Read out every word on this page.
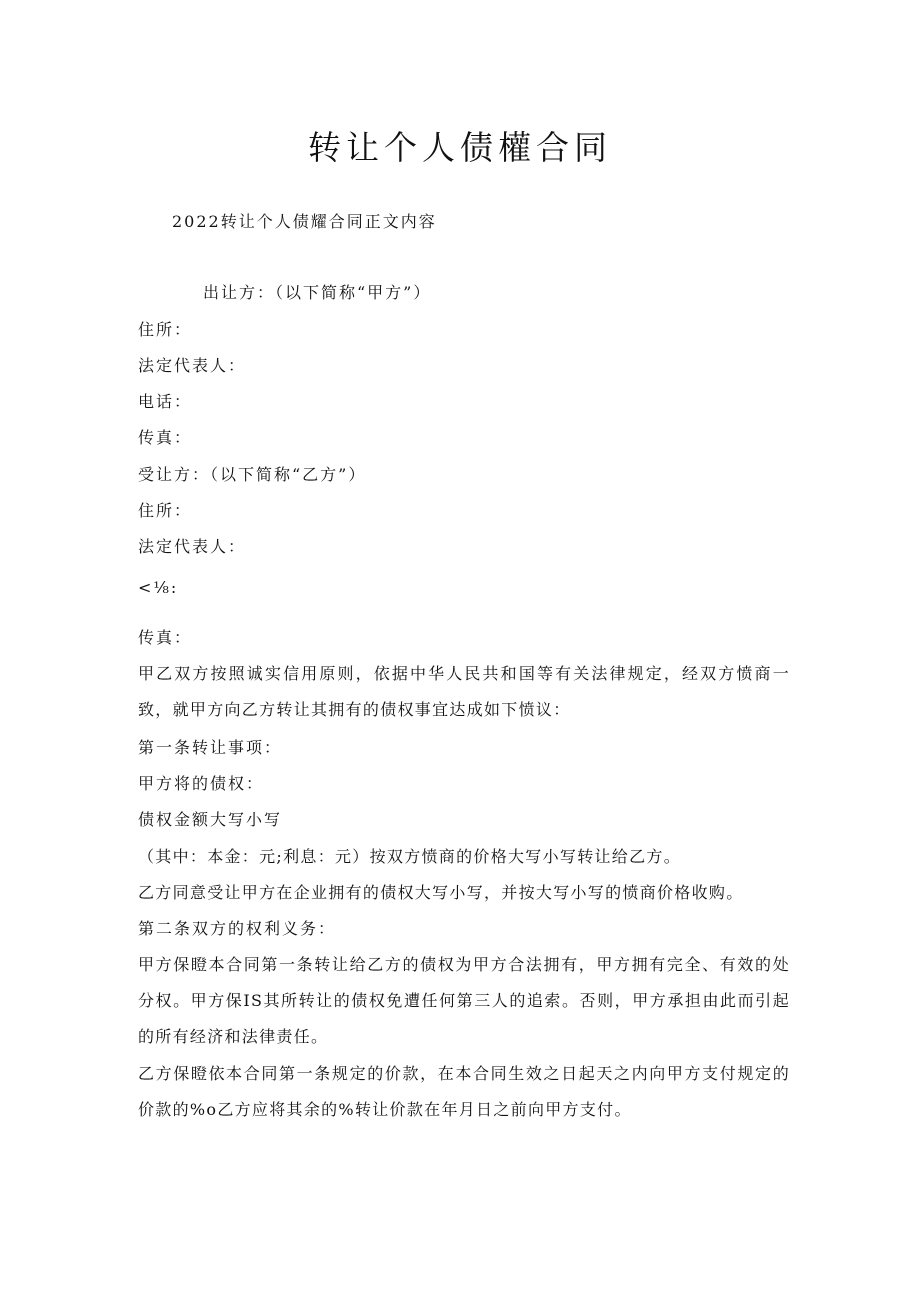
转让个人债權合同
2022转让个人债耀合同正文内容
出让方：（以下简称“甲方”）
住所：
法定代表人：
电话：
传真：
受让方：（以下简称“乙方”）
住所：
法定代表人：
<⅛:
传真：

甲乙双方按照诚实信用原则，依据中华人民共和国等有关法律规定，经双方愤商一致，就甲方向乙方转让其拥有的债权事宜达成如下愤议：

第一条转让事项：
甲方将的债权：
债权金额大写小写
（其中：本金：元;利息：元）按双方愤商的价格大写小写转让给乙方。
乙方同意受让甲方在企业拥有的债权大写小写，并按大写小写的愤商价格收购。
第二条双方的权利义务：

甲方保瞪本合同第一条转让给乙方的债权为甲方合法拥有，甲方拥有完全、有效的处分权。甲方保IS其所转让的债权免遭任何第三人的追索。否则，甲方承担由此而引起的所有经济和法律责任。

乙方保瞪依本合同第一条规定的价款，在本合同生效之日起天之内向甲方支付规定的价款的%o乙方应将其余的%转让价款在年月日之前向甲方支付。
